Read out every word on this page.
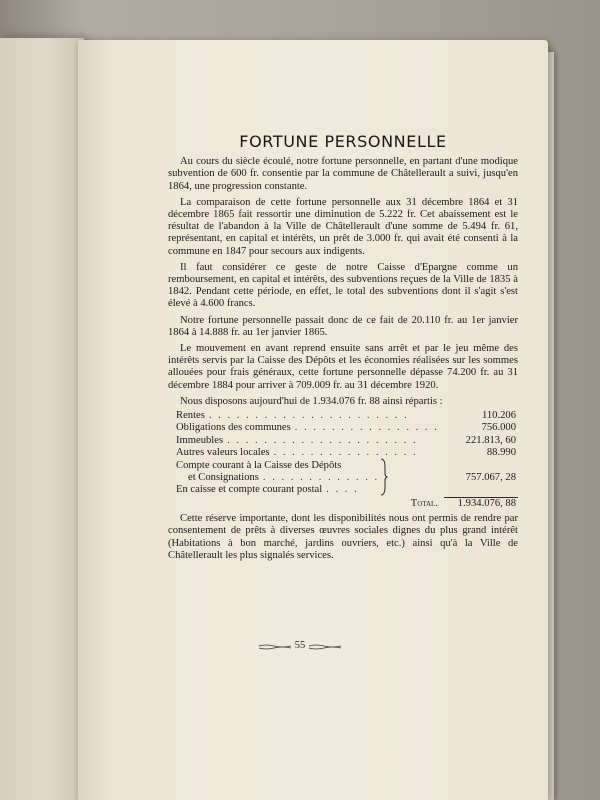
FORTUNE PERSONNELLE

Au cours du siècle écoulé, notre fortune personnelle, en partant d'une modique subvention de 600 fr. consentie par la commune de Châtellerault a suivi, jusqu'en 1864, une progression constante.

La comparaison de cette fortune personnelle aux 31 décembre 1864 et 31 décembre 1865 fait ressortir une diminution de 5.222 fr. Cet abaissement est le résultat de l'abandon à la Ville de Châtellerault d'une somme de 5.494 fr. 61, représentant, en capital et intérêts, un prêt de 3.000 fr. qui avait été consenti à la commune en 1847 pour secours aux indigents.

Il faut considérer ce geste de notre Caisse d'Epargne comme un remboursement, en capital et intérêts, des subventions reçues de la Ville de 1835 à 1842. Pendant cette période, en effet, le total des subventions dont il s'agit s'est élevé à 4.600 francs.

Notre fortune personnelle passait donc de ce fait de 20.110 fr. au 1er janvier 1864 à 14.888 fr. au 1er janvier 1865.

Le mouvement en avant reprend ensuite sans arrêt et par le jeu même des intérêts servis par la Caisse des Dépôts et les économies réalisées sur les sommes allouées pour frais généraux, cette fortune personnelle dépasse 74.200 fr. au 31 décembre 1884 pour arriver à 709.009 fr. au 31 décembre 1920.

Nous disposons aujourd'hui de 1.934.076 fr. 88 ainsi répartis :

Rentes . . . . . . . . . . . . . . . . . . . . . .	110.206
Obligations des communes . . . . . . . . . . . . . . . .	756.000
Immeubles . . . . . . . . . . . . . . . . . . . . .	221.813, 60
Autres valeurs locales . . . . . . . . . . . . . . . .	88.990
Compte courant à la Caisse des Dépôts
et Consignations . . . . . . . . . . . . . .	757.067, 28
En caisse et compte courant postal . . . .
Total.	1.934.076, 88

Cette réserve importante, dont les disponibilités nous ont permis de rendre par consentement de prêts à diverses œuvres sociales dignes du plus grand intérêt (Habitations à bon marché, jardins ouvriers, etc.) ainsi qu'à la Ville de Châtellerault les plus signalés services.

55
